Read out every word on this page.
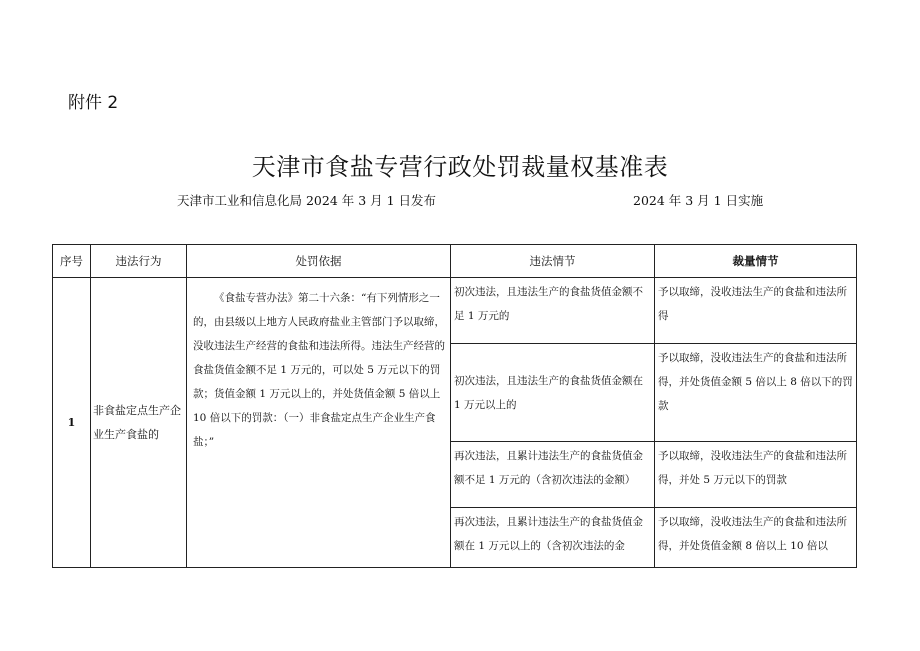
附件 2
天津市食盐专营行政处罚裁量权基准表
天津市工业和信息化局 2024 年 3 月 1 日发布	2024 年 3 月 1 日实施
序号	违法行为	处罚依据	违法情节	裁量情节
1	非食盐定点生产企业生产食盐的	《食盐专营办法》第二十六条：“有下列情形之一的，由县级以上地方人民政府盐业主管部门予以取缔，没收违法生产经营的食盐和违法所得。违法生产经营的食盐货值金额不足 1 万元的，可以处 5 万元以下的罚款；货值金额 1 万元以上的，并处货值金额 5 倍以上 10 倍以下的罚款：（一）非食盐定点生产企业生产食盐；”	初次违法，且违法生产的食盐货值金额不足 1 万元的	予以取缔，没收违法生产的食盐和违法所得
			初次违法，且违法生产的食盐货值金额在 1 万元以上的	予以取缔，没收违法生产的食盐和违法所得，并处货值金额 5 倍以上 8 倍以下的罚款
			再次违法，且累计违法生产的食盐货值金额不足 1 万元的（含初次违法的金额）	予以取缔，没收违法生产的食盐和违法所得，并处 5 万元以下的罚款

			再次违法，且累计违法生产的食盐货值金额在 1 万元以上的（含初次违法的金	予以取缔，没收违法生产的食盐和违法所得，并处货值金额 8 倍以上 10 倍以
